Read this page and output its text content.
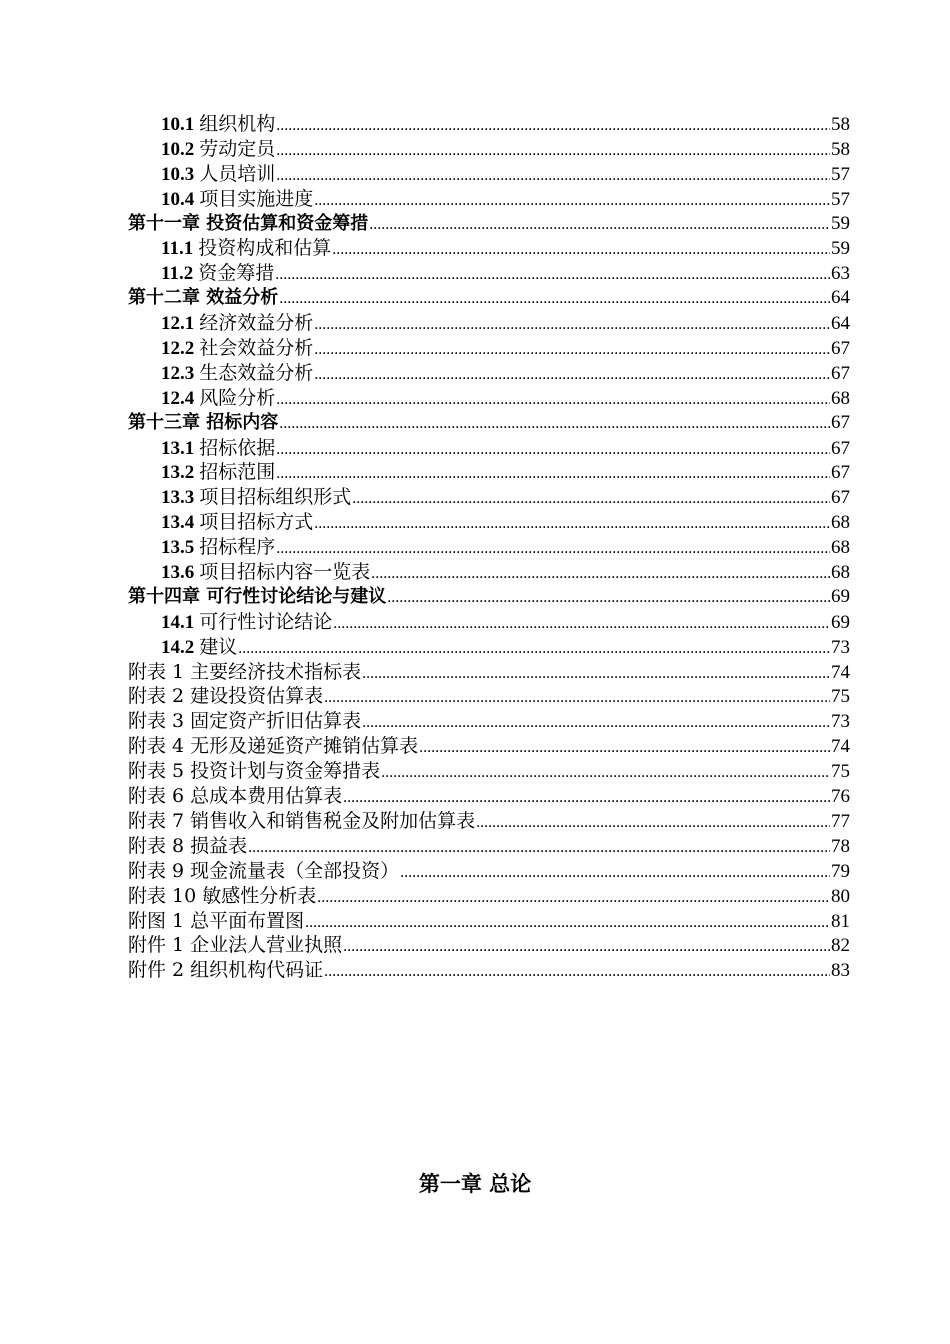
10.1 组织机构 .....	58
10.2 劳动定员 .....	58
10.3 人员培训 .....	57
10.4 项目实施进度 .....	57
第十一章 投资估算和资金筹措 .....	59
11.1 投资构成和估算 .....	59
11.2 资金筹措 .....	63
第十二章 效益分析 .....	64
12.1 经济效益分析 .....	64
12.2 社会效益分析 .....	67
12.3 生态效益分析 .....	67
12.4 风险分析 .....	68
第十三章 招标内容 .....	67
13.1 招标依据 .....	67
13.2 招标范围 .....	67
13.3 项目招标组织形式 .....	67
13.4 项目招标方式 .....	68
13.5 招标程序 .....	68
13.6 项目招标内容一览表 .....	68
第十四章 可行性讨论结论与建议 .....	69
14.1 可行性讨论结论 .....	69
14.2 建议 .....	73
附表 1 主要经济技术指标表 .....	74
附表 2 建设投资估算表 .....	75
附表 3 固定资产折旧估算表 .....	73
附表 4 无形及递延资产摊销估算表 .....	74
附表 5 投资计划与资金筹措表 .....	75
附表 6 总成本费用估算表 .....	76
附表 7 销售收入和销售税金及附加估算表 .....	77
附表 8 损益表 .....	78
附表 9 现金流量表（全部投资） .....	79
附表 10 敏感性分析表 .....	80
附图 1 总平面布置图 .....	81
附件 1 企业法人营业执照 .....	82
附件 2 组织机构代码证 .....	83
第一章 总论
